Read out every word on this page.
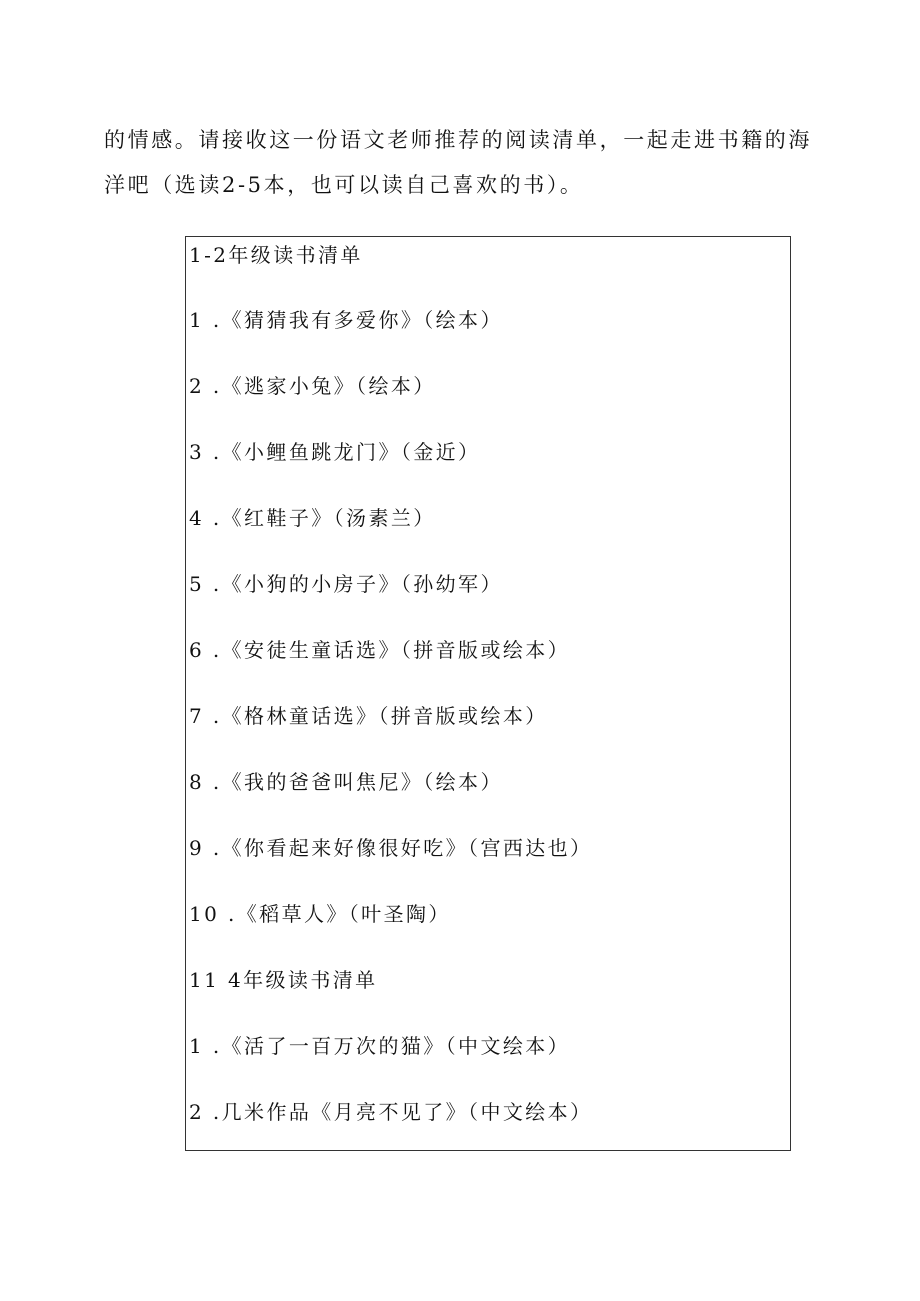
的情感。请接收这一份语文老师推荐的阅读清单，一起走进书籍的海

洋吧（选读2-5本，也可以读自己喜欢的书）。

1-2年级读书清单
1 .《猜猜我有多爱你》（绘本）
2 .《逃家小兔》（绘本）
3 .《小鲤鱼跳龙门》（金近）
4 .《红鞋子》（汤素兰）
5 .《小狗的小房子》（孙幼军）
6 .《安徒生童话选》（拼音版或绘本）
7 .《格林童话选》（拼音版或绘本）
8 .《我的爸爸叫焦尼》（绘本）
9 .《你看起来好像很好吃》（宫西达也）
10 .《稻草人》（叶圣陶）
11 4年级读书清单
1 .《活了一百万次的猫》（中文绘本）
2 .几米作品《月亮不见了》（中文绘本）
